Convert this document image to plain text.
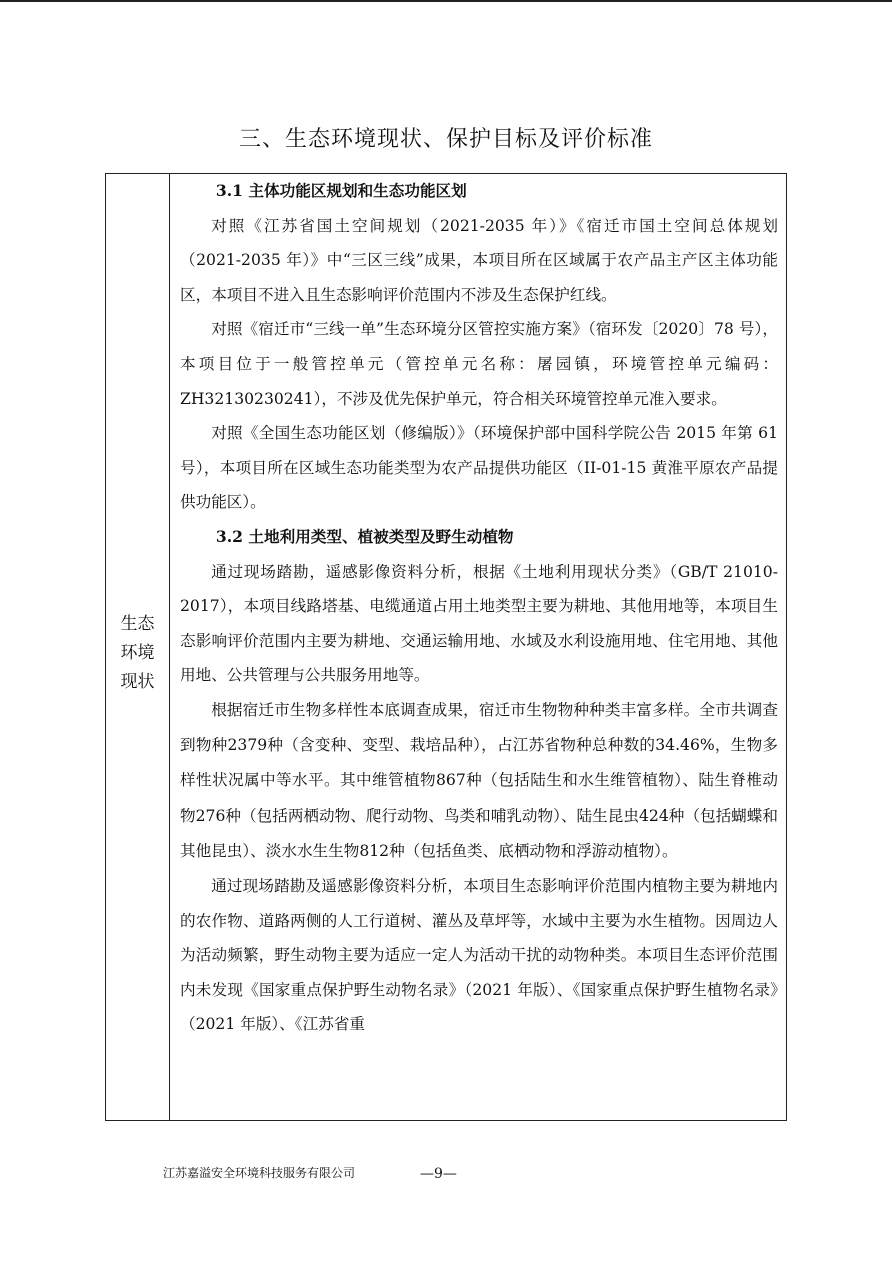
三、生态环境现状、保护目标及评价标准
生态
环境
现状
3.1 主体功能区规划和生态功能区划

对照《江苏省国土空间规划（2021-2035 年）》《宿迁市国土空间总体规划（2021-2035 年）》中“三区三线”成果，本项目所在区域属于农产品主产区主体功能区，本项目不进入且生态影响评价范围内不涉及生态保护红线。

对照《宿迁市“三线一单”生态环境分区管控实施方案》（宿环发〔2020〕78 号），本项目位于一般管控单元（管控单元名称：屠园镇，环境管控单元编码：ZH32130230241），不涉及优先保护单元，符合相关环境管控单元准入要求。

对照《全国生态功能区划（修编版）》（环境保护部中国科学院公告 2015 年第 61 号），本项目所在区域生态功能类型为农产品提供功能区（II-01-15 黄淮平原农产品提供功能区）。

3.2 土地利用类型、植被类型及野生动植物

通过现场踏勘，遥感影像资料分析，根据《土地利用现状分类》（GB/T 21010-2017），本项目线路塔基、电缆通道占用土地类型主要为耕地、其他用地等，本项目生态影响评价范围内主要为耕地、交通运输用地、水域及水利设施用地、住宅用地、其他用地、公共管理与公共服务用地等。

根据宿迁市生物多样性本底调查成果，宿迁市生物物种种类丰富多样。全市共调查到物种2379种（含变种、变型、栽培品种），占江苏省物种总种数的34.46%，生物多样性状况属中等水平。其中维管植物867种（包括陆生和水生维管植物）、陆生脊椎动物276种（包括两栖动物、爬行动物、鸟类和哺乳动物）、陆生昆虫424种（包括蝴蝶和其他昆虫）、淡水水生生物812种（包括鱼类、底栖动物和浮游动植物）。

通过现场踏勘及遥感影像资料分析，本项目生态影响评价范围内植物主要为耕地内的农作物、道路两侧的人工行道树、灌丛及草坪等，水域中主要为水生植物。因周边人为活动频繁，野生动物主要为适应一定人为活动干扰的动物种类。本项目生态评价范围内未发现《国家重点保护野生动物名录》（2021 年版）、《国家重点保护野生植物名录》（2021 年版）、《江苏省重

江苏嘉溢安全环境科技服务有限公司	—9—
